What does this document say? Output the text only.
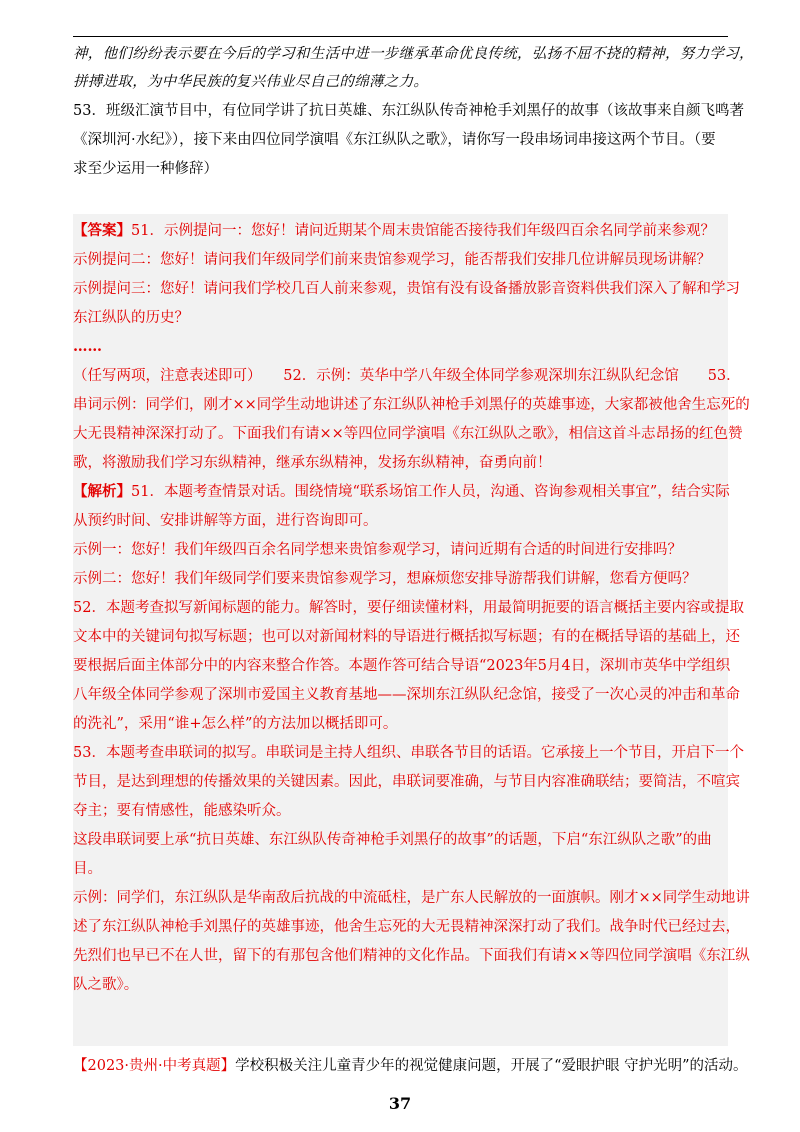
神，他们纷纷表示要在今后的学习和生活中进一步继承革命优良传统，弘扬不屈不挠的精神，努力学习，
拼搏进取，为中华民族的复兴伟业尽自己的绵薄之力。
53．班级汇演节目中，有位同学讲了抗日英雄、东江纵队传奇神枪手刘黑仔的故事（该故事来自颜飞鸣著
《深圳河·水纪》），接下来由四位同学演唱《东江纵队之歌》，请你写一段串场词串接这两个节目。（要
求至少运用一种修辞）
【答案】51．示例提问一：您好！请问近期某个周末贵馆能否接待我们年级四百余名同学前来参观？
示例提问二：您好！请问我们年级同学们前来贵馆参观学习，能否帮我们安排几位讲解员现场讲解？
示例提问三：您好！请问我们学校几百人前来参观，贵馆有没有设备播放影音资料供我们深入了解和学习
东江纵队的历史？
……
（任写两项，注意表述即可）　　52．示例：英华中学八年级全体同学参观深圳东江纵队纪念馆　　53．
串词示例：同学们，刚才××同学生动地讲述了东江纵队神枪手刘黑仔的英雄事迹，大家都被他舍生忘死的
大无畏精神深深打动了。下面我们有请××等四位同学演唱《东江纵队之歌》，相信这首斗志昂扬的红色赞
歌，将激励我们学习东纵精神，继承东纵精神，发扬东纵精神，奋勇向前！
【解析】51．本题考查情景对话。围绕情境“联系场馆工作人员，沟通、咨询参观相关事宜”，结合实际
从预约时间、安排讲解等方面，进行咨询即可。
示例一：您好！我们年级四百余名同学想来贵馆参观学习，请问近期有合适的时间进行安排吗？
示例二：您好！我们年级同学们要来贵馆参观学习，想麻烦您安排导游帮我们讲解，您看方便吗？
52．本题考查拟写新闻标题的能力。解答时，要仔细读懂材料，用最简明扼要的语言概括主要内容或提取
文本中的关键词句拟写标题；也可以对新闻材料的导语进行概括拟写标题；有的在概括导语的基础上，还
要根据后面主体部分中的内容来整合作答。本题作答可结合导语“2023年5月4日，深圳市英华中学组织
八年级全体同学参观了深圳市爱国主义教育基地——深圳东江纵队纪念馆，接受了一次心灵的冲击和革命
的洗礼”，采用“谁+怎么样”的方法加以概括即可。
53．本题考查串联词的拟写。串联词是主持人组织、串联各节目的话语。它承接上一个节目，开启下一个
节目，是达到理想的传播效果的关键因素。因此，串联词要准确，与节目内容准确联结；要简洁，不喧宾
夺主；要有情感性，能感染听众。
这段串联词要上承“抗日英雄、东江纵队传奇神枪手刘黑仔的故事”的话题，下启“东江纵队之歌”的曲
目。
示例：同学们，东江纵队是华南敌后抗战的中流砥柱，是广东人民解放的一面旗帜。刚才××同学生动地讲
述了东江纵队神枪手刘黑仔的英雄事迹，他舍生忘死的大无畏精神深深打动了我们。战争时代已经过去，
先烈们也早已不在人世，留下的有那包含他们精神的文化作品。下面我们有请××等四位同学演唱《东江纵
队之歌》。
【2023·贵州·中考真题】学校积极关注儿童青少年的视觉健康问题，开展了“爱眼护眼 守护光明”的活动。
37
